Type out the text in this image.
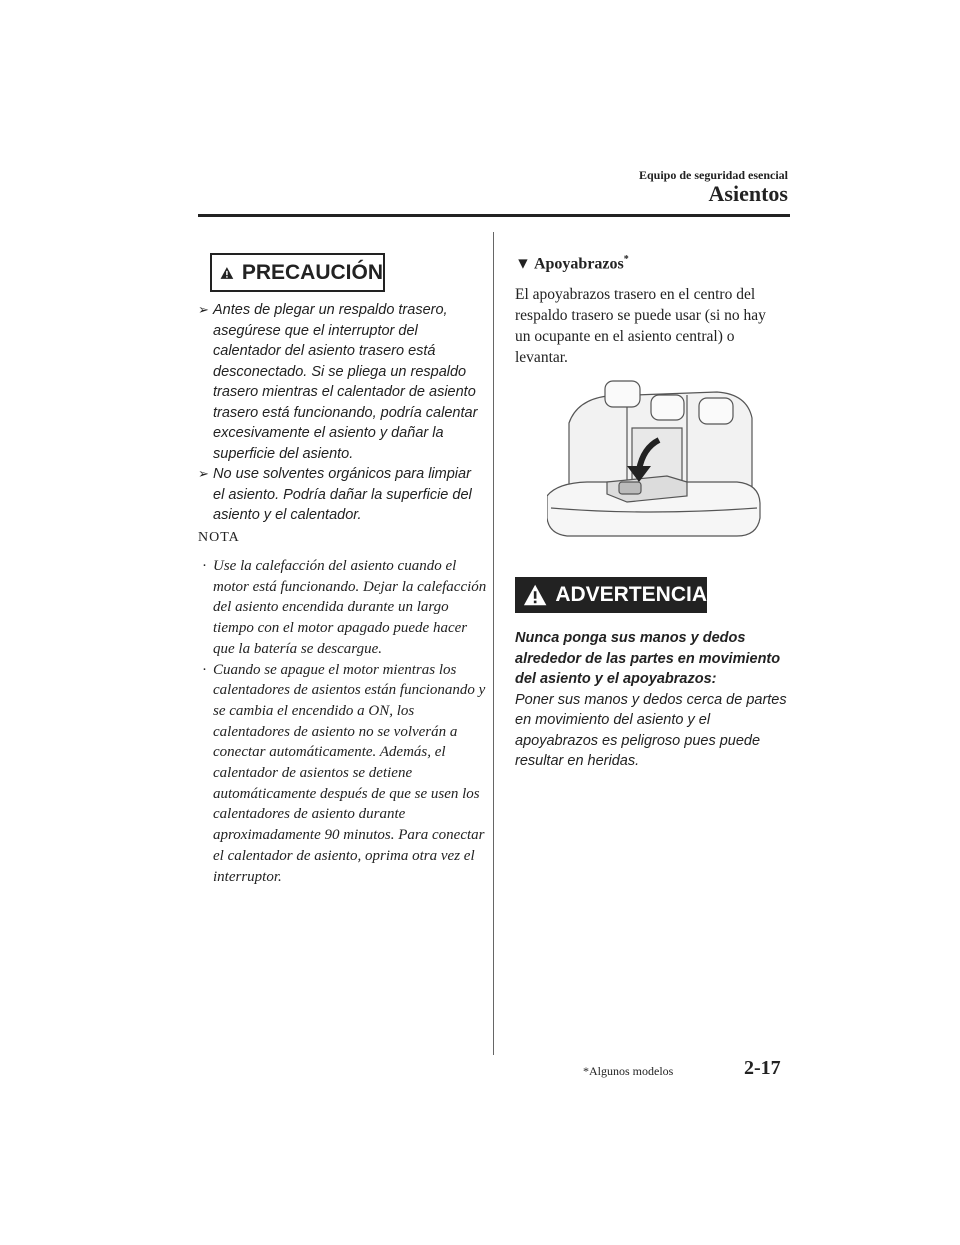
Equipo de seguridad esencial
Asientos
PRECAUCIÓN
➢ Antes de plegar un respaldo trasero, asegúrese que el interruptor del calentador del asiento trasero está desconectado. Si se pliega un respaldo trasero mientras el calentador de asiento trasero está funcionando, podría calentar excesivamente el asiento y dañar la superficie del asiento.
➢ No use solventes orgánicos para limpiar el asiento. Podría dañar la superficie del asiento y el calentador.
NOTA
· Use la calefacción del asiento cuando el motor está funcionando. Dejar la calefacción del asiento encendida durante un largo tiempo con el motor apagado puede hacer que la batería se descargue.
· Cuando se apague el motor mientras los calentadores de asientos están funcionando y se cambia el encendido a ON, los calentadores de asiento no se volverán a conectar automáticamente. Además, el calentador de asientos se detiene automáticamente después de que se usen los calentadores de asiento durante aproximadamente 90 minutos. Para conectar el calentador de asiento, oprima otra vez el interruptor.
▼ Apoyabrazos*
El apoyabrazos trasero en el centro del respaldo trasero se puede usar (si no hay un ocupante en el asiento central) o levantar.
ADVERTENCIA
Nunca ponga sus manos y dedos alrededor de las partes en movimiento del asiento y el apoyabrazos:
Poner sus manos y dedos cerca de partes en movimiento del asiento y el apoyabrazos es peligroso pues puede resultar en heridas.
*Algunos modelos	2-17
